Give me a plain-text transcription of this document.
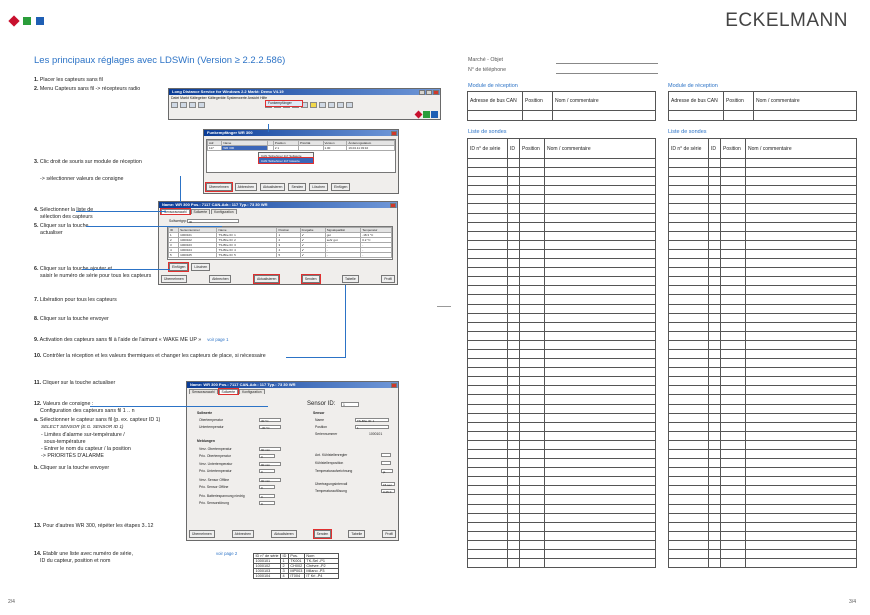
ECKELMANN
Les principaux réglages avec LDSWin (Version ≥ 2.2.2.586)
1. Placer les capteurs sans fil
2. Menu Capteurs sans fil -> récepteurs radio
3. Clic droit de souris sur module de réception
-> sélectionner valeurs de consigne
4. Sélectionner la liste de
sélection des capteurs
5. Cliquer sur la touche
actualiser
6. Cliquer sur la touche ajouter et
saisir le numéro de série pour tous les capteurs
7. Libération pour tous les capteurs
8. Cliquer sur la touche envoyer
9. Activation des capteurs sans fil à l'aide de l'aimant « WAKE ME UP » voir page 1
10. Contrôler la réception et les valeurs thermiques et changer les capteurs de place, si nécessaire
11. Cliquer sur la touche actualiser
12. Valeurs de consigne :
Configuration des capteurs sans fil 1 .. n
a. Sélectionner le capteur sans fil (p. ex. capteur ID 1)
SELECT SENSOR (E.G. SENSOR ID 1)
- Limites d'alarme sur-température /
sous-température
- Entrer le nom du capteur / la position
-> PRIORITÉS D'ALARME
b. Cliquer sur la touche envoyer
13. Pour d'autres WR 300, répéter les étapes 3..12
14. Etablir une liste avec numéro de série,
ID du capteur, position et nom
voir page 2
Long Distance Service for Windows 2.2 Markt: Demo V4.19
Datei Markt Kältegeber Kältegeräte Systemwerte Ansicht Hilfe
Funkempfänger
Funkempfänger WR 300
Adr	Name		Position	Priorität	Version	Änderungsdatum
117	WR 300		2 1		1.00	19.04.11 03:10
CAN Teilnehmer 117 Sollwerte
CAN Teilnehmer 117 Istwerte
Übernehmen	Abbrechen	Aktualisieren	Senden	Löschen	Einfügen
Name: WR 300 Pos.: 7117 CAN-Adr.: 117 Typ.: 73 30 WR
Sensorauswahl	Sollwerte	Konfiguration
Sollwertgrp: ID
ID	Seriennummer	Name	Position	Freigabe	Signalqualität	Temperatur
1	1000101	TS-Bhe ID: 1	1	✔	gut	-18.3 °C
2	1000102	TS-Bhe ID: 2	2	✔	sehr gut	0.2 °C
3	1000103	TS-Bhe ID: 3	3	✔	-	-
4	1000104	TS-Bhe ID: 4	4	✔	-	-
5	1000105	TS-Bhe ID: 5	5	✔	-	-
Einfügen	Löschen
Übernehmen	Abbrechen	Aktualisieren	Senden	Tabelle	Profil
Name: WR 300 Pos.: 7117 CAN-Adr.: 117 Typ.: 73 30 WR
Sensorauswahl	Sollwerte	Konfiguration
Sensor ID:	1
Sollwerte
Obertemperatur	30 °C
Untertemperatur	-30 °C
Meldungen
Verz. Obertemperatur	90 min
Prio. Obertemperatur	0
Verz. Untertemperatur	90 min
Prio. Untertemperatur	0
Verz. Sensor Offline	90 min
Prio. Sensor Offline	0
Prio. Batteriespannung niedrig	0
Prio. Sensorstörung	0
Sensor
Name	TS-Bhe ID: 1
Position	1
Seriennummer	1000101
Ant. Kühlstellenregler
Kühlstellenposition
Temperaturaufzeichnung	ja
Übertragungsintervall	15 sec
Temperaturauflösung	0.25 K
Übernehmen	Abbrechen	Aktualisieren	Senden	Tabelle	Profil
ID n° de série	ID	Pos.	Nom
1000101	1	TK001	TK-Sel -P1
1000102	2	CH002	Chèvre -P2
1000103	3	MP003	Milano -P3
1000104	4	IT004	IT Kri -P4
2/4
Marché - Objet
N° de téléphone
Module de réception	Module de réception
Adresse de bus CAN	Position	Nom / commentaire
			Adresse de bus CAN	Position	Nom / commentaire

Liste de sondes	Liste de sondes
ID n° de série	ID	Position	Nom / commentaire

				ID n° de série	ID	Position	Nom / commentaire

3/4
